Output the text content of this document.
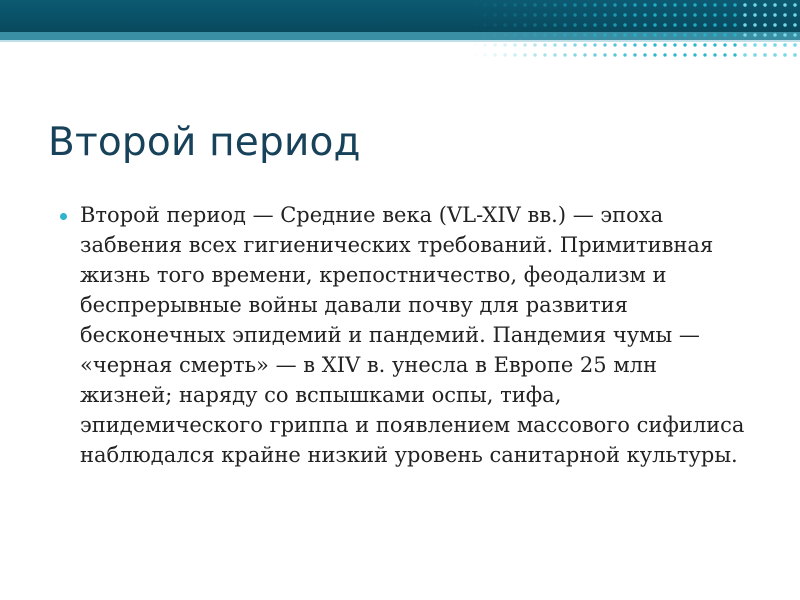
Второй период

Второй период — Средние века (VL-XIV вв.) — эпоха забвения всех гигиенических требований. Примитивная жизнь того времени, крепостничество, феодализм и беспрерывные войны давали почву для развития бесконечных эпидемий и пандемий. Пандемия чумы — «черная смерть» — в XIV в. унесла в Европе 25 млн жизней; наряду со вспышками оспы, тифа, эпидемического гриппа и появлением массового сифилиса наблюдался крайне низкий уровень санитарной культуры.
